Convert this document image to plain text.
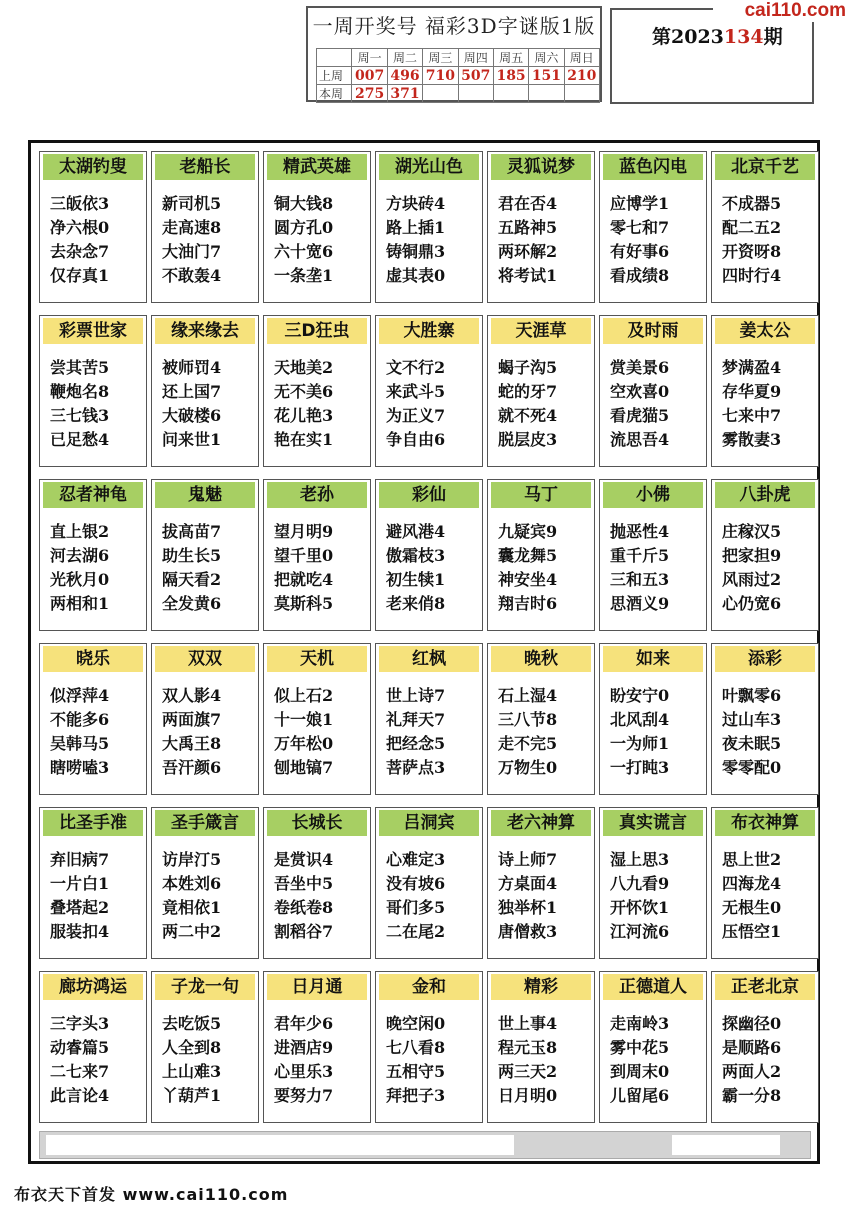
一周开奖号 福彩3D字谜版1版
	周一	周二	周三	周四	周五	周六	周日
上周	007	496	710	507	185	151	210
本周	275	371					
第2023134期
cai110.com
太湖钓叟
三皈依3
净六根0
去杂念7
仅存真1
老船长
新司机5
走高速8
大油门7
不敢轰4
精武英雄
铜大钱8
圆方孔0
六十宽6
一条垄1
湖光山色
方块砖4
路上插1
铸铜鼎3
虚其表0
灵狐说梦
君在否4
五路神5
两环解2
将考试1
蓝色闪电
应博学1
零七和7
有好事6
看成绩8
北京千艺
不成器5
配二五2
开资呀8
四时行4
彩票世家
尝其苦5
鞭炮名8
三七钱3
已足愁4
缘来缘去
被师罚4
还上国7
大破楼6
问来世1
三D狂虫
天地美2
无不美6
花儿艳3
艳在实1
大胜寨
文不行2
来武斗5
为正义7
争自由6
天涯草
蝎子沟5
蛇的牙7
就不死4
脱层皮3
及时雨
赏美景6
空欢喜0
看虎猫5
流思吾4
姜太公
梦满盈4
存华夏9
七来中7
雾散妻3
忍者神龟
直上银2
河去湖6
光秋月0
两相和1
鬼魅
拔高苗7
助生长5
隔天看2
全发黄6
老孙
望月明9
望千里0
把就吃4
莫斯科5
彩仙
避风港4
傲霜枝3
初生犊1
老来俏8
马丁
九疑宾9
囊龙舞5
神安坐4
翔吉时6
小佛
抛恶性4
重千斤5
三和五3
思酒义9
八卦虎
庄稼汉5
把家担9
风雨过2
心仍宽6
晓乐
似浮萍4
不能多6
吴韩马5
瞎唠嗑3
双双
双人影4
两面旗7
大禹王8
吾汗颜6
天机
似上石2
十一娘1
万年松0
刨地镐7
红枫
世上诗7
礼拜天7
把经念5
菩萨点3
晚秋
石上湿4
三八节8
走不完5
万物生0
如来
盼安宁0
北风刮4
一为师1
一打盹3
添彩
叶飘零6
过山车3
夜未眠5
零零配0
比圣手准
弃旧病7
一片白1
叠塔起2
服装扣4
圣手箴言
访岸汀5
本姓刘6
竟相依1
两二中2
长城长
是赏识4
吾坐中5
卷纸卷8
割稻谷7
吕洞宾
心难定3
没有坡6
哥们多5
二在尾2
老六神算
诗上师7
方桌面4
独举杯1
唐僧救3
真实谎言
湿上思3
八九看9
开怀饮1
江河流6
布衣神算
思上世2
四海龙4
无根生0
压悟空1
廊坊鸿运
三字头3
动睿篇5
二七来7
此言论4
子龙一句
去吃饭5
人全到8
上山难3
丫葫芦1
日月通
君年少6
进酒店9
心里乐3
要努力7
金和
晚空闲0
七八看8
五相守5
拜把子3
精彩
世上事4
程元玉8
两三天2
日月明0
正德道人
走南岭3
雾中花5
到周末0
儿留尾6
正老北京
探幽径0
是顺路6
两面人2
霸一分8
布衣天下首发 www.cai110.com
